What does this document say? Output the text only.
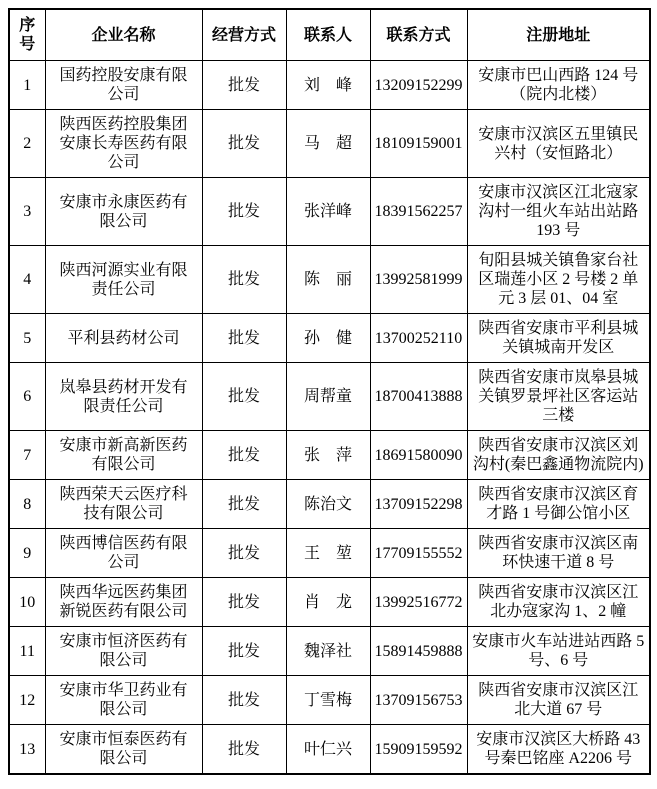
序号	企业名称	经营方式	联系人	联系方式	注册地址
1	国药控股安康有限公司	批发	刘　峰	13209152299	安康市巴山西路 124 号（院内北楼）
2	陕西医药控股集团安康长寿医药有限公司	批发	马　超	18109159001	安康市汉滨区五里镇民兴村（安恒路北）
3	安康市永康医药有限公司	批发	张洋峰	18391562257	安康市汉滨区江北寇家沟村一组火车站出站路 193 号
4	陕西河源实业有限责任公司	批发	陈　丽	13992581999	旬阳县城关镇鲁家台社区瑞莲小区 2 号楼 2 单元 3 层 01、04 室
5	平利县药材公司	批发	孙　健	13700252110	陕西省安康市平利县城关镇城南开发区
6	岚皋县药材开发有限责任公司	批发	周帮童	18700413888	陕西省安康市岚皋县城关镇罗景坪社区客运站三楼
7	安康市新高新医药有限公司	批发	张　萍	18691580090	陕西省安康市汉滨区刘沟村(秦巴鑫通物流院内)
8	陕西荣天云医疗科技有限公司	批发	陈治文	13709152298	陕西省安康市汉滨区育才路 1 号御公馆小区
9	陕西博信医药有限公司	批发	王　堃	17709155552	陕西省安康市汉滨区南环快速干道 8 号
10	陕西华远医药集团新锐医药有限公司	批发	肖　龙	13992516772	陕西省安康市汉滨区江北办寇家沟 1、2 幢
11	安康市恒济医药有限公司	批发	魏泽社	15891459888	安康市火车站进站西路 5 号、6 号
12	安康市华卫药业有限公司	批发	丁雪梅	13709156753	陕西省安康市汉滨区江北大道 67 号
13	安康市恒泰医药有限公司	批发	叶仁兴	15909159592	安康市汉滨区大桥路 43 号秦巴铭座 A2206 号
